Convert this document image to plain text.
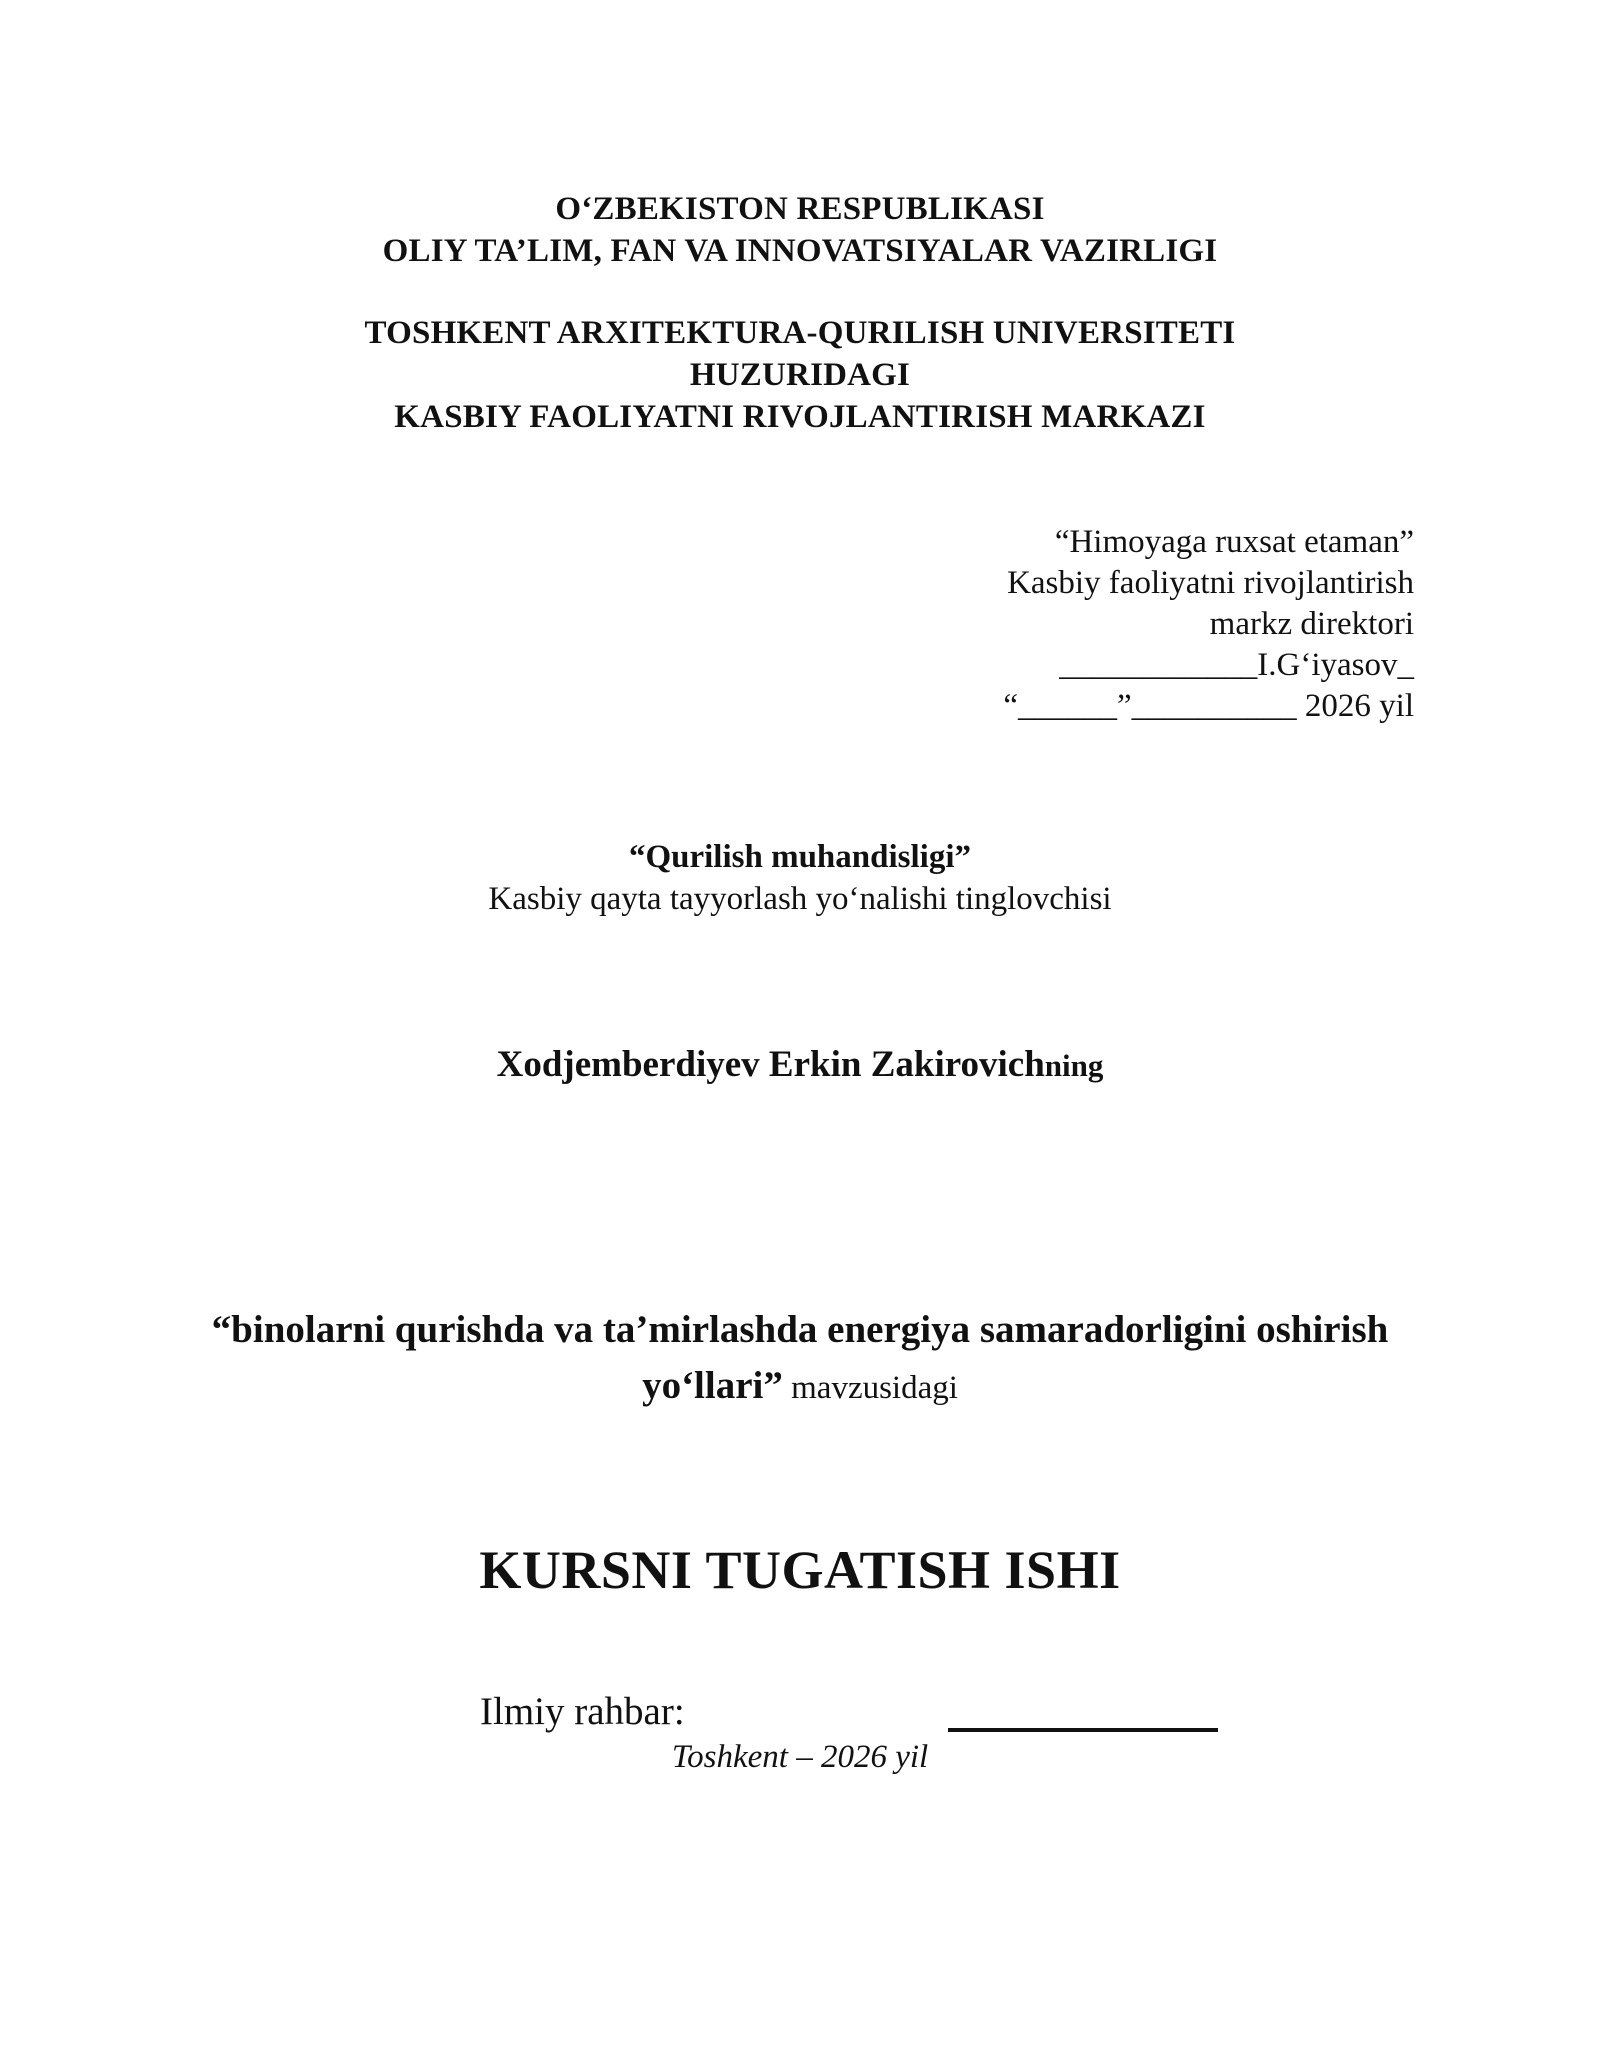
O‘ZBEKISTON RESPUBLIKASI
OLIY TA’LIM, FAN VA INNOVATSIYALAR VAZIRLIGI
TOSHKENT ARXITEKTURA-QURILISH UNIVERSITETI
HUZURIDAGI
KASBIY FAOLIYATNI RIVOJLANTIRISH MARKAZI
“Himoyaga ruxsat etaman”
Kasbiy faoliyatni rivojlantirish
markz direktori
____________I.G‘iyasov_
“______”__________ 2026 yil
“Qurilish muhandisligi”
Kasbiy qayta tayyorlash yo‘nalishi tinglovchisi
Xodjemberdiyev Erkin Zakirovichning
“binolarni qurishda va ta’mirlashda energiya samaradorligini oshirish
yo‘llari” mavzusidagi
KURSNI TUGATISH ISHI
Ilmiy rahbar:
Toshkent – 2026 yil
